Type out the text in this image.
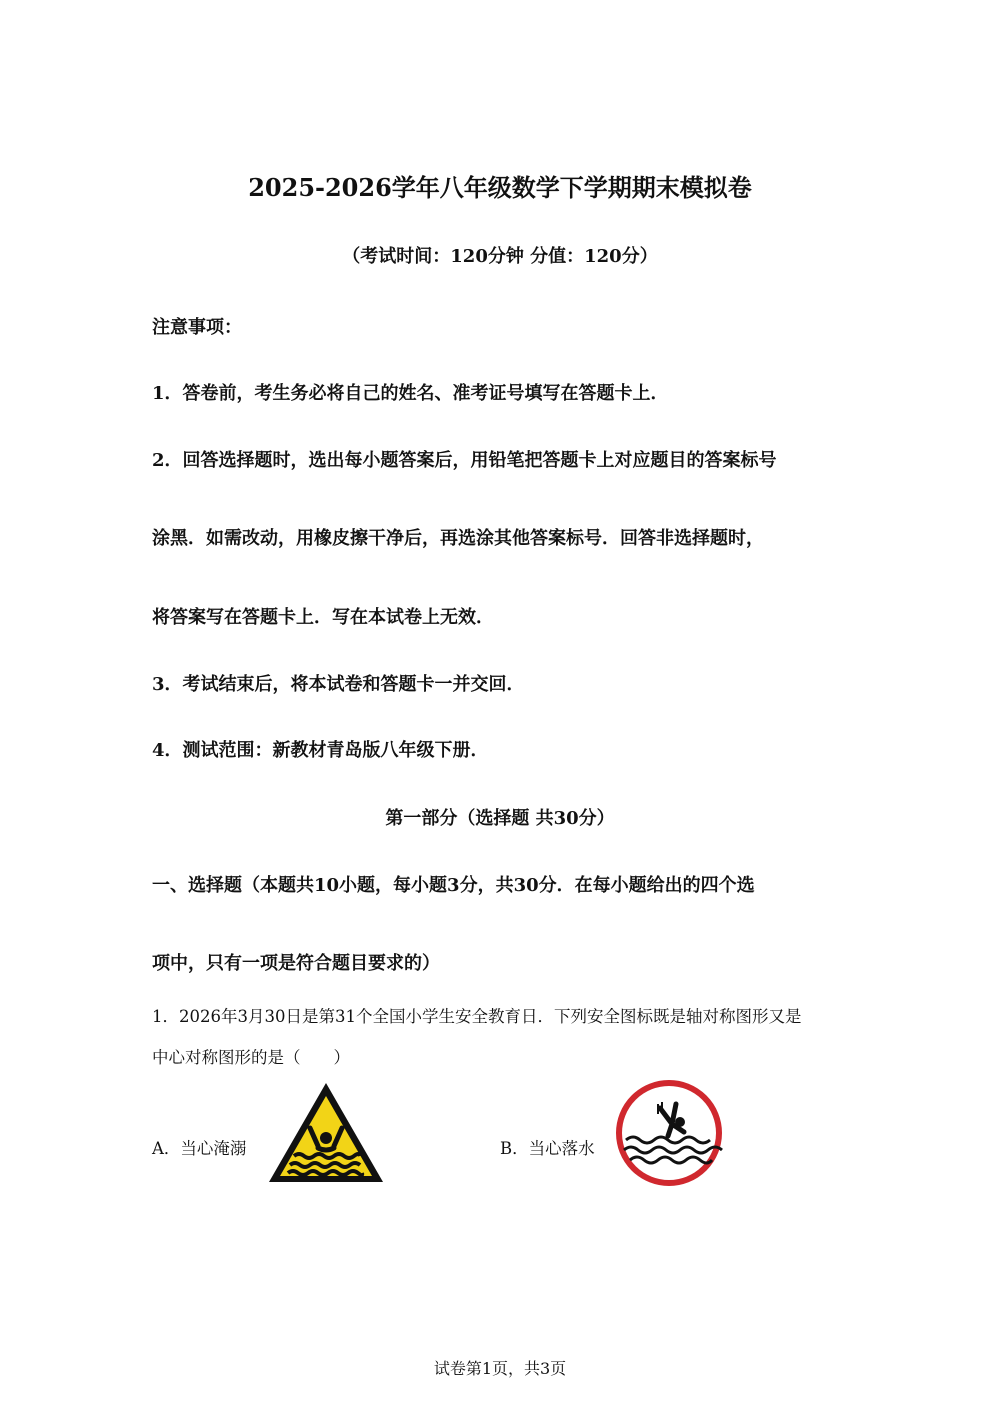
2025-2026学年八年级数学下学期期末模拟卷
（考试时间：120分钟 分值：120分）
注意事项：
1．答卷前，考生务必将自己的姓名、准考证号填写在答题卡上．
2．回答选择题时，选出每小题答案后，用铅笔把答题卡上对应题目的答案标号
涂黑．如需改动，用橡皮擦干净后，再选涂其他答案标号．回答非选择题时，
将答案写在答题卡上．写在本试卷上无效．
3．考试结束后，将本试卷和答题卡一并交回．
4．测试范围：新教材青岛版八年级下册．
第一部分（选择题 共30分）
一、选择题（本题共10小题，每小题3分，共30分．在每小题给出的四个选
项中，只有一项是符合题目要求的）
1．2026年3月30日是第31个全国小学生安全教育日．下列安全图标既是轴对称图形又是
中心对称图形的是（　　）
A．当心淹溺	B．当心落水
试卷第1页，共3页
